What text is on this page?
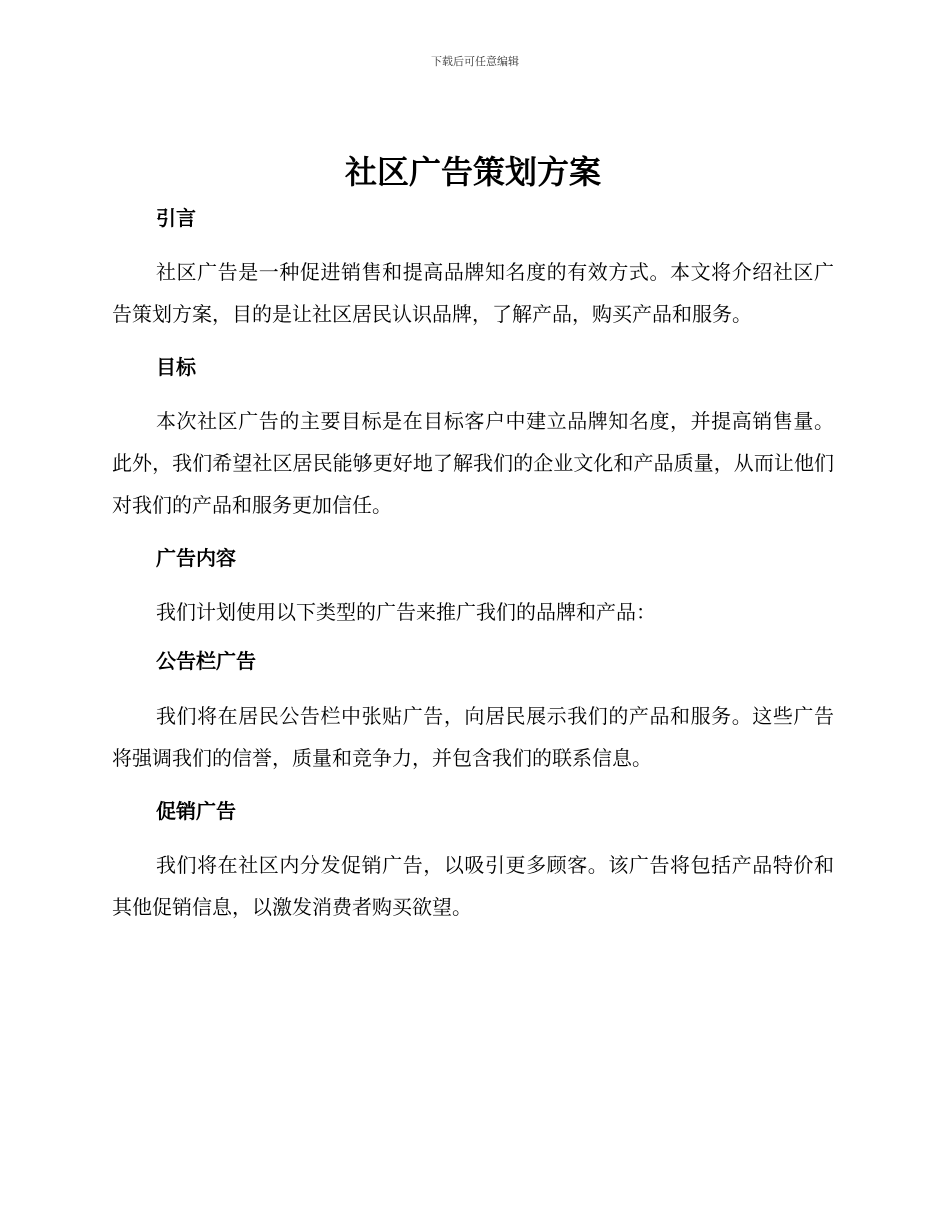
下载后可任意编辑
社区广告策划方案
引言

社区广告是一种促进销售和提高品牌知名度的有效方式。本文将介绍社区广告策划方案，目的是让社区居民认识品牌，了解产品，购买产品和服务。

目标

本次社区广告的主要目标是在目标客户中建立品牌知名度，并提高销售量。此外，我们希望社区居民能够更好地了解我们的企业文化和产品质量，从而让他们对我们的产品和服务更加信任。

广告内容

我们计划使用以下类型的广告来推广我们的品牌和产品：

公告栏广告

我们将在居民公告栏中张贴广告，向居民展示我们的产品和服务。这些广告将强调我们的信誉，质量和竞争力，并包含我们的联系信息。

促销广告

我们将在社区内分发促销广告，以吸引更多顾客。该广告将包括产品特价和其他促销信息，以激发消费者购买欲望。
